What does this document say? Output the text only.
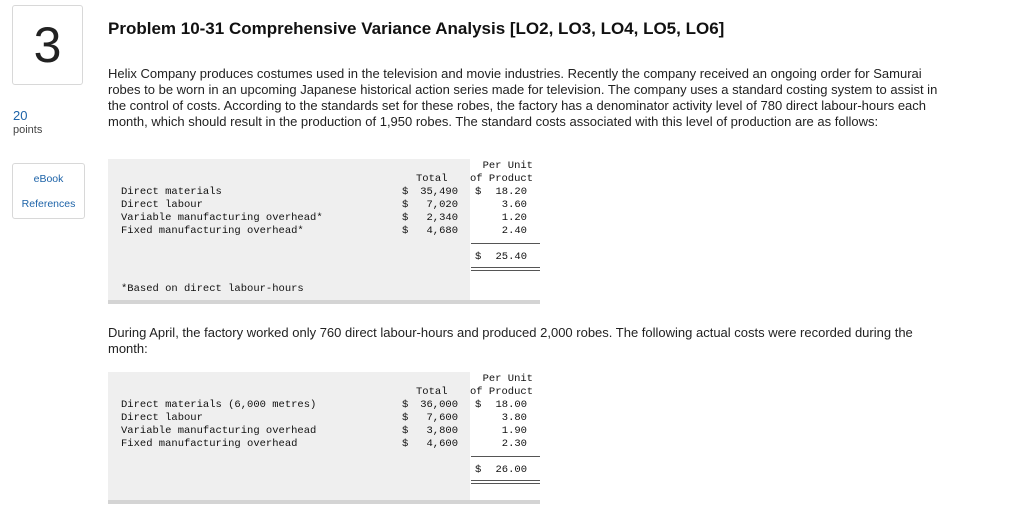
3
20
points
eBook
References
Problem 10-31 Comprehensive Variance Analysis [LO2, LO3, LO4, LO5, LO6]

Helix Company produces costumes used in the television and movie industries. Recently the company received an ongoing order for Samurai robes to be worn in an upcoming Japanese historical action series made for television. The company uses a standard costing system to assist in the control of costs. According to the standards set for these robes, the factory has a denominator activity level of 780 direct labour-hours each month, which should result in the production of 1,950 robes. The standard costs associated with this level of production are as follows:

Per Unit
Total of Product
Direct materials	$ 35,490 $ 18.20
Direct labour	$ 7,020	3.60
Variable manufacturing overhead*	$ 2,340	1.20
Fixed manufacturing overhead*	$ 4,680	2.40
$ 25.40
*Based on direct labour-hours

During April, the factory worked only 760 direct labour-hours and produced 2,000 robes. The following actual costs were recorded during the month:

Per Unit
Total of Product
Direct materials (6,000 metres)	$ 36,000 $ 18.00
Direct labour	$ 7,600	3.80
Variable manufacturing overhead	$ 3,800	1.90
Fixed manufacturing overhead	$ 4,600	2.30
$ 26.00
